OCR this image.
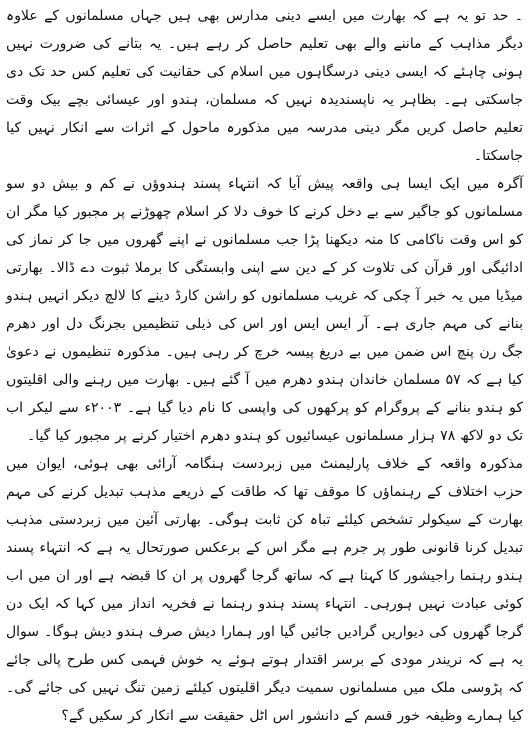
۔ حد تو یہ ہے کہ بھارت میں ایسے دینی مدارس بھی ہیں جہاں مسلمانوں کے علاوہ دیگر مذاہب کے ماننے والے بھی تعلیم حاصل کر رہے ہیں۔ یہ بتانے کی ضرورت نہیں ہونی چاہئے کہ ایسی دینی درسگاہوں میں اسلام کی حقانیت کی تعلیم کس حد تک دی جاسکتی ہے۔ بظاہر یہ ناپسندیدہ نہیں کہ مسلمان، ہندو اور عیسائی بچے بیک وقت تعلیم حاصل کریں مگر دینی مدرسہ میں مذکورہ ماحول کے اثرات سے انکار نہیں کیا جاسکتا۔

آگرہ میں ایک ایسا ہی واقعہ پیش آیا کہ انتہاء پسند ہندوؤں نے کم و بیش دو سو مسلمانوں کو جاگیر سے بے دخل کرنے کا خوف دلا کر اسلام چھوڑنے پر مجبور کیا مگر ان کو اس وقت ناکامی کا منہ دیکھنا پڑا جب مسلمانوں نے اپنے گھروں میں جا کر نماز کی ادائیگی اور قرآن کی تلاوت کر کے دین سے اپنی وابستگی کا برملا ثبوت دے ڈالا۔ بھارتی میڈیا میں یہ خبر آ چکی کہ غریب مسلمانوں کو راشن کارڈ دینے کا لالچ دیکر انہیں ہندو بنانے کی مہم جاری ہے۔ آر ایس ایس اور اس کی ذیلی تنظیمیں بجرنگ دل اور دھرم جگ رن پنچ اس ضمن میں بے دریغ پیسہ خرچ کر رہی ہیں۔ مذکورہ تنظیموں نے دعویٰ کیا ہے کہ ۵۷ مسلمان خاندان ہندو دھرم میں آ گئے ہیں۔ بھارت میں رہنے والی اقلیتوں کو ہندو بنانے کے پروگرام کو پرکھوں کی واپسی کا نام دیا گیا ہے۔ ۲۰۰۳ء سے لیکر اب تک دو لاکھ ۷۸ ہزار مسلمانوں عیسائیوں کو ہندو دھرم اختیار کرنے پر مجبور کیا گیا۔

مذکورہ واقعہ کے خلاف پارلیمنٹ میں زبردست ہنگامہ آرائی بھی ہوئی، ایوان میں حزب اختلاف کے رہنماؤں کا موقف تھا کہ طاقت کے ذریعے مذہب تبدیل کرنے کی مہم بھارت کے سیکولر تشخص کیلئے تباہ کن ثابت ہوگی۔ بھارتی آئین میں زبردستی مذہب تبدیل کرنا قانونی طور پر جرم ہے مگر اس کے برعکس صورتحال یہ ہے کہ انتہاء پسند ہندو رہنما راجیشور کا کہنا ہے کہ ساتھ گرجا گھروں پر ان کا قبضہ ہے اور ان میں اب کوئی عبادت نہیں ہورہی۔ انتہاء پسند ہندو رہنما نے فخریہ انداز میں کہا کہ ایک دن گرجا گھروں کی دیواریں گرادیں جائیں گیا اور ہمارا دیش صرف ہندو دیش ہوگا۔ سوال یہ ہے کہ نریندر مودی کے برسر اقتدار ہوتے ہوئے یہ خوش فہمی کس طرح پالی جائے کہ پڑوسی ملک میں مسلمانوں سمیت دیگر اقلیتوں کیلئے زمین تنگ نہیں کی جائے گی۔ کیا ہمارے وظیفہ خور قسم کے دانشور اس اٹل حقیقت سے انکار کر سکیں گے؟
